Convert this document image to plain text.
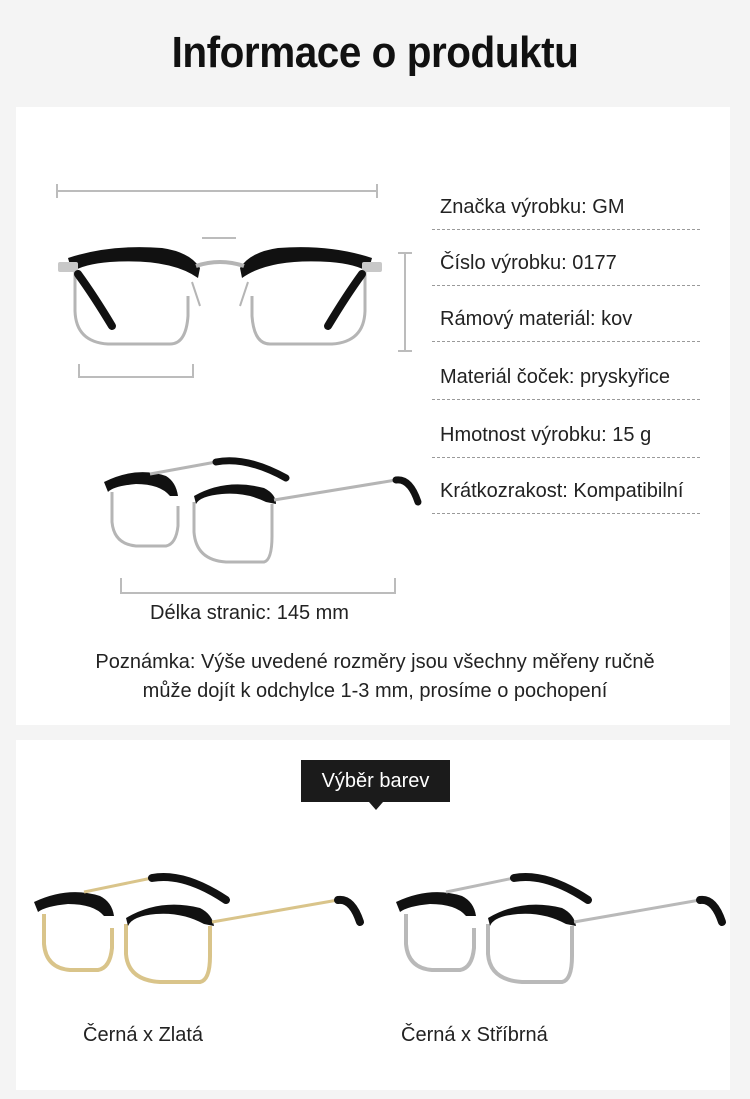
Informace o produktu
Délka stranic: 145 mm
Značka výrobku: GM
Číslo výrobku: 0177
Rámový materiál: kov
Materiál čoček: pryskyřice
Hmotnost výrobku: 15 g
Krátkozrakost: Kompatibilní
Poznámka: Výše uvedené rozměry jsou všechny měřeny ručně
může dojít k odchylce 1-3 mm, prosíme o pochopení
Výběr barev
Černá x Zlatá	Černá x Stříbrná
